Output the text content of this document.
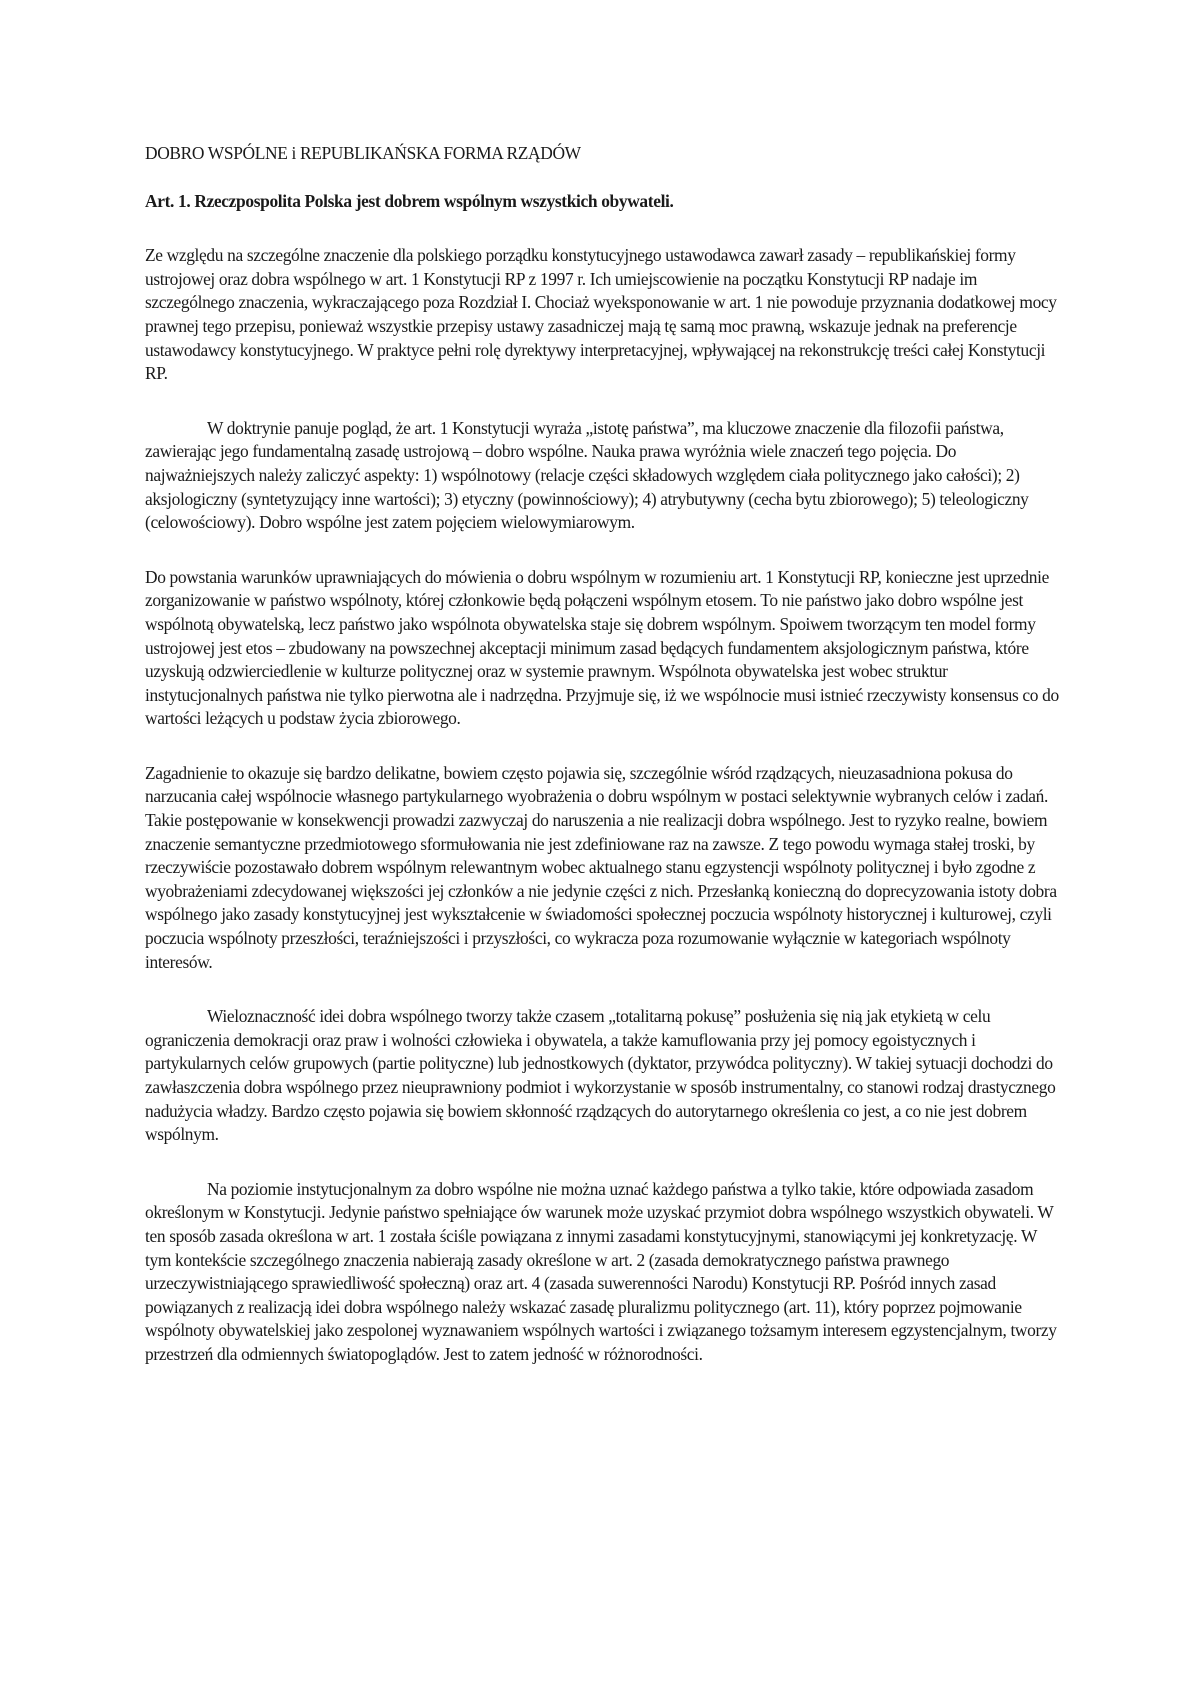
DOBRO WSPÓLNE i REPUBLIKAŃSKA FORMA RZĄDÓW

Art. 1. Rzeczpospolita Polska jest dobrem wspólnym wszystkich obywateli.

Ze względu na szczególne znaczenie dla polskiego porządku konstytucyjnego ustawodawca zawarł zasady – republikańskiej formy ustrojowej oraz dobra wspólnego w art. 1 Konstytucji RP z 1997 r. Ich umiejscowienie na początku Konstytucji RP nadaje im szczególnego znaczenia, wykraczającego poza Rozdział I. Chociaż wyeksponowanie w art. 1 nie powoduje przyznania dodatkowej mocy prawnej tego przepisu, ponieważ wszystkie przepisy ustawy zasadniczej mają tę samą moc prawną, wskazuje jednak na preferencje ustawodawcy konstytucyjnego. W praktyce pełni rolę dyrektywy interpretacyjnej, wpływającej na rekonstrukcję treści całej Konstytucji RP.

W doktrynie panuje pogląd, że art. 1 Konstytucji wyraża „istotę państwa”, ma kluczowe znaczenie dla filozofii państwa, zawierając jego fundamentalną zasadę ustrojową – dobro wspólne. Nauka prawa wyróżnia wiele znaczeń tego pojęcia. Do najważniejszych należy zaliczyć aspekty: 1) wspólnotowy (relacje części składowych względem ciała politycznego jako całości); 2) aksjologiczny (syntetyzujący inne wartości); 3) etyczny (powinnościowy); 4) atrybutywny (cecha bytu zbiorowego); 5) teleologiczny (celowościowy). Dobro wspólne jest zatem pojęciem wielowymiarowym.

Do powstania warunków uprawniających do mówienia o dobru wspólnym w rozumieniu art. 1 Konstytucji RP, konieczne jest uprzednie zorganizowanie w państwo wspólnoty, której członkowie będą połączeni wspólnym etosem. To nie państwo jako dobro wspólne jest wspólnotą obywatelską, lecz państwo jako wspólnota obywatelska staje się dobrem wspólnym. Spoiwem tworzącym ten model formy ustrojowej jest etos – zbudowany na powszechnej akceptacji minimum zasad będących fundamentem aksjologicznym państwa, które uzyskują odzwierciedlenie w kulturze politycznej oraz w systemie prawnym. Wspólnota obywatelska jest wobec struktur instytucjonalnych państwa nie tylko pierwotna ale i nadrzędna. Przyjmuje się, iż we wspólnocie musi istnieć rzeczywisty konsensus co do wartości leżących u podstaw życia zbiorowego.

Zagadnienie to okazuje się bardzo delikatne, bowiem często pojawia się, szczególnie wśród rządzących, nieuzasadniona pokusa do narzucania całej wspólnocie własnego partykularnego wyobrażenia o dobru wspólnym w postaci selektywnie wybranych celów i zadań. Takie postępowanie w konsekwencji prowadzi zazwyczaj do naruszenia a nie realizacji dobra wspólnego. Jest to ryzyko realne, bowiem znaczenie semantyczne przedmiotowego sformułowania nie jest zdefiniowane raz na zawsze. Z tego powodu wymaga stałej troski, by rzeczywiście pozostawało dobrem wspólnym relewantnym wobec aktualnego stanu egzystencji wspólnoty politycznej i było zgodne z wyobrażeniami zdecydowanej większości jej członków a nie jedynie części z nich. Przesłanką konieczną do doprecyzowania istoty dobra wspólnego jako zasady konstytucyjnej jest wykształcenie w świadomości społecznej poczucia wspólnoty historycznej i kulturowej, czyli poczucia wspólnoty przeszłości, teraźniejszości i przyszłości, co wykracza poza rozumowanie wyłącznie w kategoriach wspólnoty interesów.

Wieloznaczność idei dobra wspólnego tworzy także czasem „totalitarną pokusę” posłużenia się nią jak etykietą w celu ograniczenia demokracji oraz praw i wolności człowieka i obywatela, a także kamuflowania przy jej pomocy egoistycznych i partykularnych celów grupowych (partie polityczne) lub jednostkowych (dyktator, przywódca polityczny). W takiej sytuacji dochodzi do zawłaszczenia dobra wspólnego przez nieuprawniony podmiot i wykorzystanie w sposób instrumentalny, co stanowi rodzaj drastycznego nadużycia władzy. Bardzo często pojawia się bowiem skłonność rządzących do autorytarnego określenia co jest, a co nie jest dobrem wspólnym.

Na poziomie instytucjonalnym za dobro wspólne nie można uznać każdego państwa a tylko takie, które odpowiada zasadom określonym w Konstytucji. Jedynie państwo spełniające ów warunek może uzyskać przymiot dobra wspólnego wszystkich obywateli. W ten sposób zasada określona w art. 1 została ściśle powiązana z innymi zasadami konstytucyjnymi, stanowiącymi jej konkretyzację. W tym kontekście szczególnego znaczenia nabierają zasady określone w art. 2 (zasada demokratycznego państwa prawnego urzeczywistniającego sprawiedliwość społeczną) oraz art. 4 (zasada suwerenności Narodu) Konstytucji RP. Pośród innych zasad powiązanych z realizacją idei dobra wspólnego należy wskazać zasadę pluralizmu politycznego (art. 11), który poprzez pojmowanie wspólnoty obywatelskiej jako zespolonej wyznawaniem wspólnych wartości i związanego tożsamym interesem egzystencjalnym, tworzy przestrzeń dla odmiennych światopoglądów. Jest to zatem jedność w różnorodności.
